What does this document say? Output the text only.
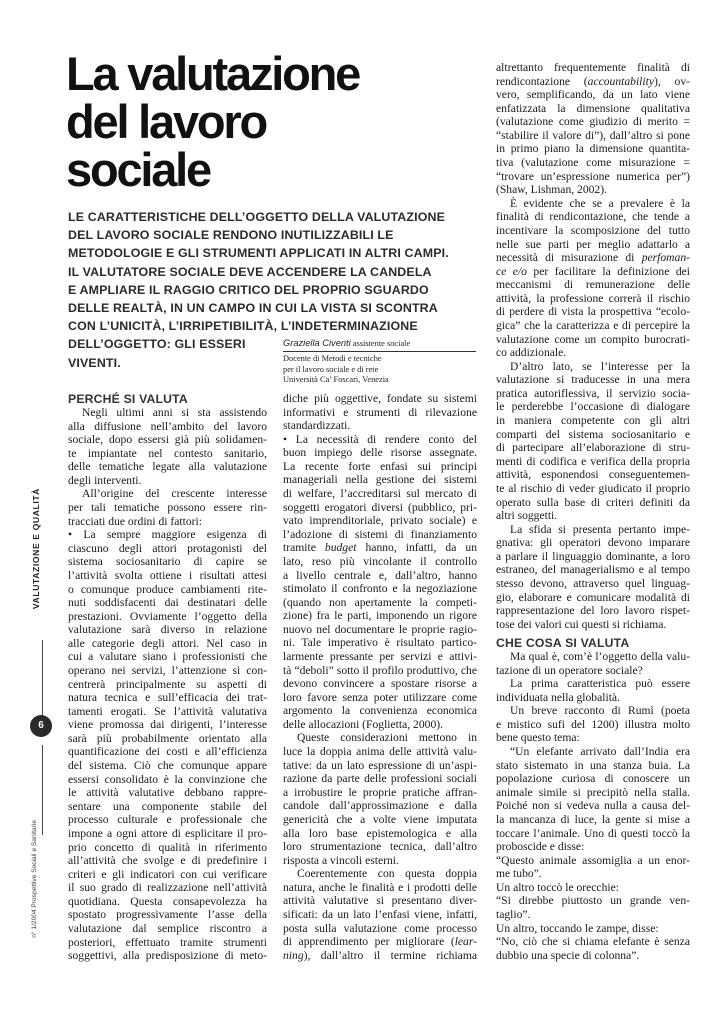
La valutazione
del lavoro
sociale
LE CARATTERISTICHE DELL’OGGETTO DELLA VALUTAZIONE
DEL LAVORO SOCIALE RENDONO INUTILIZZABILI LE
METODOLOGIE E GLI STRUMENTI APPLICATI IN ALTRI CAMPI.
IL VALUTATORE SOCIALE DEVE ACCENDERE LA CANDELA
E AMPLIARE IL RAGGIO CRITICO DEL PROPRIO SGUARDO
DELLE REALTÀ, IN UN CAMPO IN CUI LA VISTA SI SCONTRA
CON L’UNICITÀ, L’IRRIPETIBILITÀ, L’INDETERMINAZIONE
DELL’OGGETTO: GLI ESSERI
VIVENTI.
Graziella Civenti assistente sociale
Docente di Metodi e tecniche
per il lavoro sociale e di rete
Università Ca’ Foscari, Venezia
PERCHÉ SI VALUTA
CHE COSA SI VALUTA
Negli ultimi anni si sta assistendo
alla diffusione nell’ambito del lavoro
sociale, dopo essersi già più solidamen-
te impiantate nel contesto sanitario,
delle tematiche legate alla valutazione
degli interventi.
All’origine del crescente interesse
per tali tematiche possono essere rin-
tracciati due ordini di fattori:
• La sempre maggiore esigenza di
ciascuno degli attori protagonisti del
sistema sociosanitario di capire se
l’attività svolta ottiene i risultati attesi
o comunque produce cambiamenti rite-
nuti soddisfacenti dai destinatari delle
prestazioni. Ovviamente l’oggetto della
valutazione sarà diverso in relazione
alle categorie degli attori. Nel caso in
cui a valutare siano i professionisti che
operano nei servizi, l’attenzione si con-
centrerà principalmente su aspetti di
natura tecnica e sull’efficacia dei trat-
tamenti erogati. Se l’attività valutativa
viene promossa dai dirigenti, l’interesse
sarà più probabilmente orientato alla
quantificazione dei costi e all’efficienza
del sistema. Ciò che comunque appare
essersi consolidato è la convinzione che
le attività valutative debbano rappre-
sentare una componente stabile del
processo culturale e professionale che
impone a ogni attore di esplicitare il pro-
prio concetto di qualità in riferimento
all’attività che svolge e di predefinire i
criteri e gli indicatori con cui verificare
il suo grado di realizzazione nell’attività
quotidiana. Questa consapevolezza ha
spostato progressivamente l’asse della
valutazione dal semplice riscontro a
posteriori, effettuato tramite strumenti
soggettivi, alla predisposizione di meto-
diche più oggettive, fondate su sistemi
informativi e strumenti di rilevazione
standardizzati.
• La necessità di rendere conto del
buon impiego delle risorse assegnate.
La recente forte enfasi sui principi
manageriali nella gestione dei sistemi
di welfare, l’accreditarsi sul mercato di
soggetti erogatori diversi (pubblico, pri-
vato imprenditoriale, privato sociale) e
l’adozione di sistemi di finanziamento
tramite budget hanno, infatti, da un
lato, reso più vincolante il controllo
a livello centrale e, dall’altro, hanno
stimolato il confronto e la negoziazione
(quando non apertamente la competi-
zione) fra le parti, imponendo un rigore
nuovo nel documentare le proprie ragio-
ni. Tale imperativo è risultato partico-
larmente pressante per servizi e attivi-
tà “deboli” sotto il profilo produttivo, che
devono convincere a spostare risorse a
loro favore senza poter utilizzare come
argomento la convenienza economica
delle allocazioni (Foglietta, 2000).
Queste considerazioni mettono in
luce la doppia anima delle attività valu-
tative: da un lato espressione di un’aspi-
razione da parte delle professioni sociali
a irrobustire le proprie pratiche affran-
candole dall’approssimazione e dalla
genericità che a volte viene imputata
alla loro base epistemologica e alla
loro strumentazione tecnica, dall’altro
risposta a vincoli esterni.
Coerentemente con questa doppia
natura, anche le finalità e i prodotti delle
attività valutative si presentano diver-
sificati: da un lato l’enfasi viene, infatti,
posta sulla valutazione come processo
di apprendimento per migliorare (lear-
ning), dall’altro il termine richiama
altrettanto frequentemente finalità di
rendicontazione (accountability), ov-
vero, semplificando, da un lato viene
enfatizzata la dimensione qualitativa
(valutazione come giudizio di merito =
“stabilire il valore di”), dall’altro si pone
in primo piano la dimensione quantita-
tiva (valutazione come misurazione =
“trovare un’espressione numerica per”)
(Shaw, Lishman, 2002).
È evidente che se a prevalere è la
finalità di rendicontazione, che tende a
incentivare la scomposizione del tutto
nelle sue parti per meglio adattarlo a
necessità di misurazione di perfoman-
ce e/o per facilitare la definizione dei
meccanismi di remunerazione delle
attività, la professione correrà il rischio
di perdere di vista la prospettiva “ecolo-
gica” che la caratterizza e di percepire la
valutazione come un compito burocrati-
co addizionale.
D’altro lato, se l’interesse per la
valutazione si traducesse in una mera
pratica autoriflessiva, il servizio socia-
le perderebbe l’occasione di dialogare
in maniera competente con gli altri
comparti del sistema sociosanitario e
di partecipare all’elaborazione di stru-
menti di codifica e verifica della propria
attività, esponendosi conseguentemen-
te al rischio di veder giudicato il proprio
operato sulla base di criteri definiti da
altri soggetti.
La sfida si presenta pertanto impe-
gnativa: gli operatori devono imparare
a parlare il linguaggio dominante, a loro
estraneo, del managerialismo e al tempo
stesso devono, attraverso quel linguag-
gio, elaborare e comunicare modalità di
rappresentazione del loro lavoro rispet-
tose dei valori cui questi si richiama.
Ma qual è, com’è l’oggetto della valu-
tazione di un operatore sociale?
La prima caratteristica può essere
individuata nella globalità.
Un breve racconto di Rumì (poeta
e mistico sufi del 1200) illustra molto
bene questo tema:
“Un elefante arrivato dall’India era
stato sistemato in una stanza buia. La
popolazione curiosa di conoscere un
animale simile si precipitò nella stalla.
Poiché non si vedeva nulla a causa del-
la mancanza di luce, la gente si mise a
toccare l’animale. Uno di questi toccò la
proboscide e disse:
“Questo animale assomiglia a un enor-
me tubo”.
Un altro toccò le orecchie:
“Si direbbe piuttosto un grande ven-
taglio”.
Un altro, toccando le zampe, disse:
“No, ciò che si chiama elefante è senza
dubbio una specie di colonna”.
VALUTAZIONE E QUALITÀ
6
n° 1/2004 Prospettive Sociali e Sanitarie
